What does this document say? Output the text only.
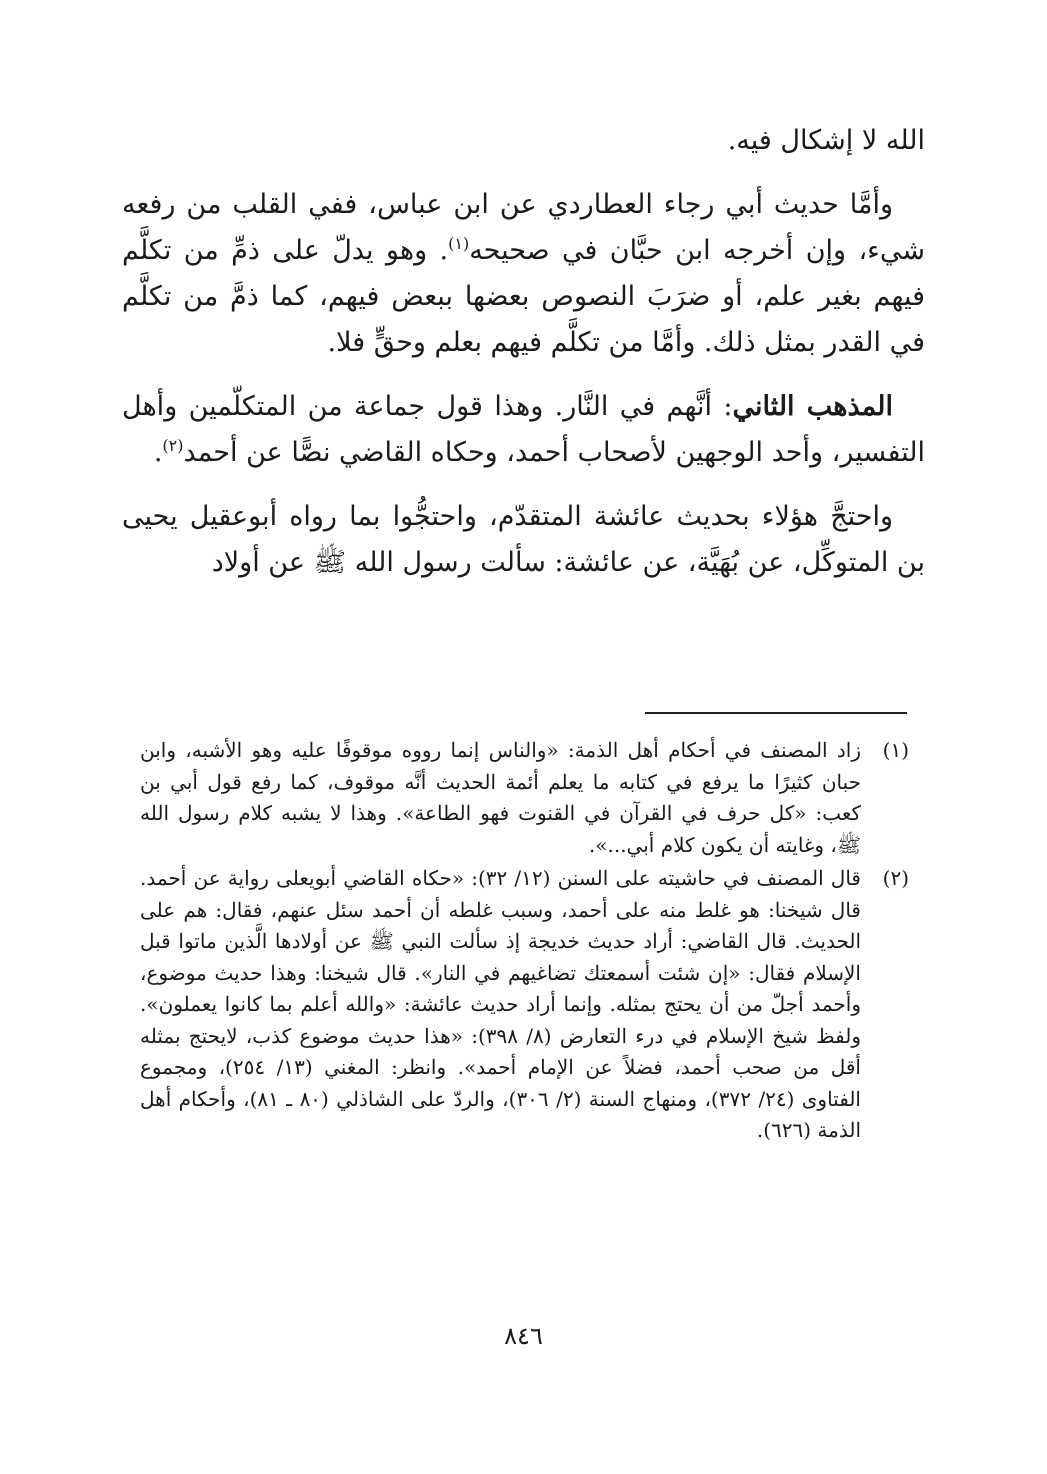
الله لا إشكال فيه.

وأمَّا حديث أبي رجاء العطاردي عن ابن عباس، ففي القلب من رفعه شيء، وإن أخرجه ابن حبَّان في صحيحه$^{(١)}$. وهو يدلّ على ذمِّ من تكلَّم فيهم بغير علم، أو ضرَبَ النصوص بعضها ببعض فيهم، كما ذمَّ من تكلَّم في القدر بمثل ذلك. وأمَّا من تكلَّم فيهم بعلم وحقٍّ فلا.

المذهب الثاني: أنَّهم في النَّار. وهذا قول جماعة من المتكلّمين وأهل التفسير، وأحد الوجهين لأصحاب أحمد، وحكاه القاضي نصًّا عن أحمد$^{(٢)}$.

واحتجَّ هؤلاء بحديث عائشة المتقدّم، واحتجُّوا بما رواه أبوعقيل يحيى بن المتوكِّل، عن بُهَيَّة، عن عائشة: سألت رسول الله ﷺ عن أولاد

(١)
زاد المصنف في أحكام أهل الذمة: «والناس إنما رووه موقوفًا عليه وهو الأشبه، وابن حبان كثيرًا ما يرفع في كتابه ما يعلم أئمة الحديث أنَّه موقوف، كما رفع قول أبي بن كعب: «كل حرف في القرآن في القنوت فهو الطاعة». وهذا لا يشبه كلام رسول الله ﷺ، وغايته أن يكون كلام أبي...».
(٢)
قال المصنف في حاشيته على السنن (١٢/ ٣٢): «حكاه القاضي أبويعلى رواية عن أحمد. قال شيخنا: هو غلط منه على أحمد، وسبب غلطه أن أحمد سئل عنهم، فقال: هم على الحديث. قال القاضي: أراد حديث خديجة إذ سألت النبي ﷺ عن أولادها الَّذين ماتوا قبل الإسلام فقال: «إن شئت أسمعتك تضاغيهم في النار». قال شيخنا: وهذا حديث موضوع، وأحمد أجلّ من أن يحتج بمثله. وإنما أراد حديث عائشة: «والله أعلم بما كانوا يعملون». ولفظ شيخ الإسلام في درء التعارض (٨/ ٣٩٨): «هذا حديث موضوع كذب، لايحتج بمثله أقل من صحب أحمد، فضلاً عن الإمام أحمد». وانظر: المغني (١٣/ ٢٥٤)، ومجموع الفتاوى (٢٤/ ٣٧٢)، ومنهاج السنة (٢/ ٣٠٦)، والردّ على الشاذلي (٨٠ ـ ٨١)، وأحكام أهل الذمة (٦٢٦).
٨٤٦
